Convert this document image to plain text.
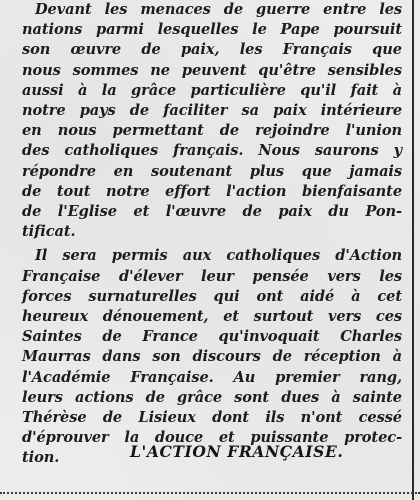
Devant les menaces de guerre entre les
nations parmi lesquelles le Pape poursuit
son œuvre de paix, les Français que
nous sommes ne peuvent qu'être sensibles
aussi à la grâce particulière qu'il fait à
notre pays de faciliter sa paix intérieure
en nous permettant de rejoindre l'union
des catholiques français. Nous saurons y
répondre en soutenant plus que jamais
de tout notre effort l'action bienfaisante
de l'Eglise et l'œuvre de paix du Pon-
tificat.
Il sera permis aux catholiques d'Action
Française d'élever leur pensée vers les
forces surnaturelles qui ont aidé à cet
heureux dénouement, et surtout vers ces
Saintes de France qu'invoquait Charles
Maurras dans son discours de réception à
l'Académie Française. Au premier rang,
leurs actions de grâce sont dues à sainte
Thérèse de Lisieux dont ils n'ont cessé
d'éprouver la douce et puissante protec-
tion.	L'ACTION FRANÇAISE.
